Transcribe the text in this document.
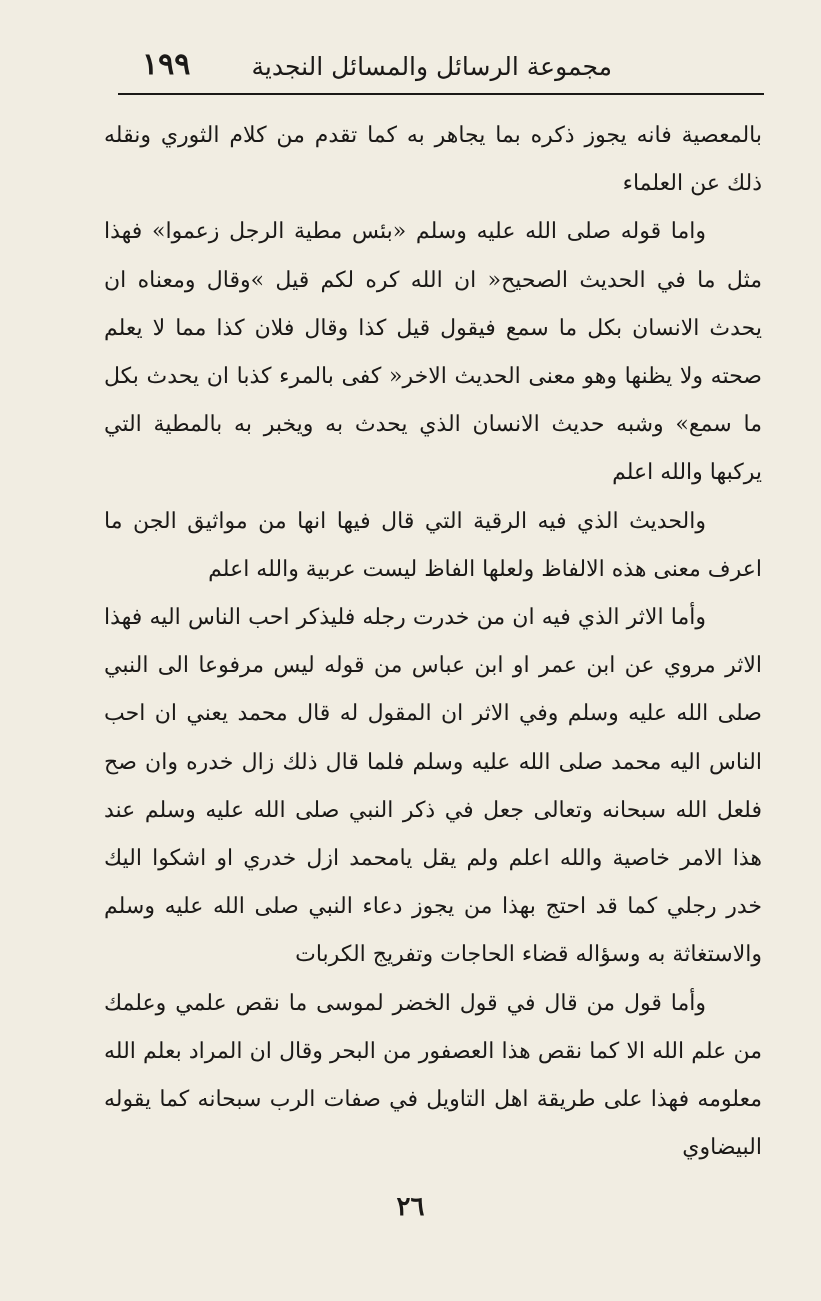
مجموعة الرسائل والمسائل النجدية
١٩٩

بالمعصية فانه يجوز ذكره بما يجاهر به كما تقدم من كلام الثوري ونقله ذلك عن العلماء

واما قوله صلى الله عليه وسلم «بئس مطية الرجل زعموا» فهذا مثل ما في الحديث الصحيح« ان الله كره لكم قيل »وقال ومعناه ان يحدث الانسان بكل ما سمع فيقول قيل كذا وقال فلان كذا مما لا يعلم صحته ولا يظنها وهو معنى الحديث الاخر« كفى بالمرء كذبا ان يحدث بكل ما سمع» وشبه حديث الانسان الذي يحدث به ويخبر به بالمطية التي يركبها والله اعلم

والحديث الذي فيه الرقية التي قال فيها انها من مواثيق الجن ما اعرف معنى هذه الالفاظ ولعلها الفاظ ليست عربية والله اعلم

وأما الاثر الذي فيه ان من خدرت رجله فليذكر احب الناس اليه فهذا الاثر مروي عن ابن عمر او ابن عباس من قوله ليس مرفوعا الى النبي صلى الله عليه وسلم وفي الاثر ان المقول له قال محمد يعني ان احب الناس اليه محمد صلى الله عليه وسلم فلما قال ذلك زال خدره وان صح فلعل الله سبحانه وتعالى جعل في ذكر النبي صلى الله عليه وسلم عند هذا الامر خاصية والله اعلم ولم يقل يامحمد ازل خدري او اشكوا اليك خدر رجلي كما قد احتج بهذا من يجوز دعاء النبي صلى الله عليه وسلم والاستغاثة به وسؤاله قضاء الحاجات وتفريج الكربات

وأما قول من قال في قول الخضر لموسى ما نقص علمي وعلمك من علم الله الا كما نقص هذا العصفور من البحر وقال ان المراد بعلم الله معلومه فهذا على طريقة اهل التاويل في صفات الرب سبحانه كما يقوله البيضاوي

٢٦
